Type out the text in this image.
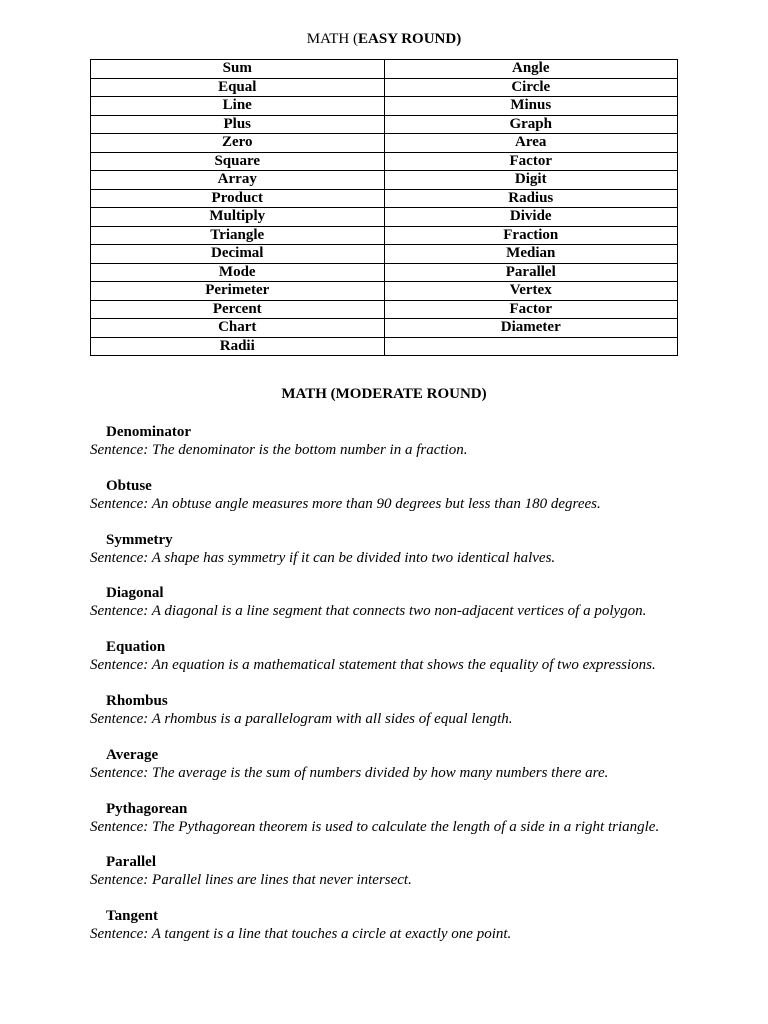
MATH (EASY ROUND)
Sum	Angle
Equal	Circle
Line	Minus
Plus	Graph
Zero	Area
Square	Factor
Array	Digit
Product	Radius
Multiply	Divide
Triangle	Fraction
Decimal	Median
Mode	Parallel
Perimeter	Vertex
Percent	Factor
Chart	Diameter
Radii	
MATH (MODERATE ROUND)
Denominator
Sentence: The denominator is the bottom number in a fraction.
Obtuse
Sentence: An obtuse angle measures more than 90 degrees but less than 180 degrees.
Symmetry
Sentence: A shape has symmetry if it can be divided into two identical halves.
Diagonal
Sentence: A diagonal is a line segment that connects two non-adjacent vertices of a polygon.
Equation
Sentence: An equation is a mathematical statement that shows the equality of two expressions.
Rhombus
Sentence: A rhombus is a parallelogram with all sides of equal length.
Average
Sentence: The average is the sum of numbers divided by how many numbers there are.
Pythagorean
Sentence: The Pythagorean theorem is used to calculate the length of a side in a right triangle.
Parallel
Sentence: Parallel lines are lines that never intersect.
Tangent
Sentence: A tangent is a line that touches a circle at exactly one point.
